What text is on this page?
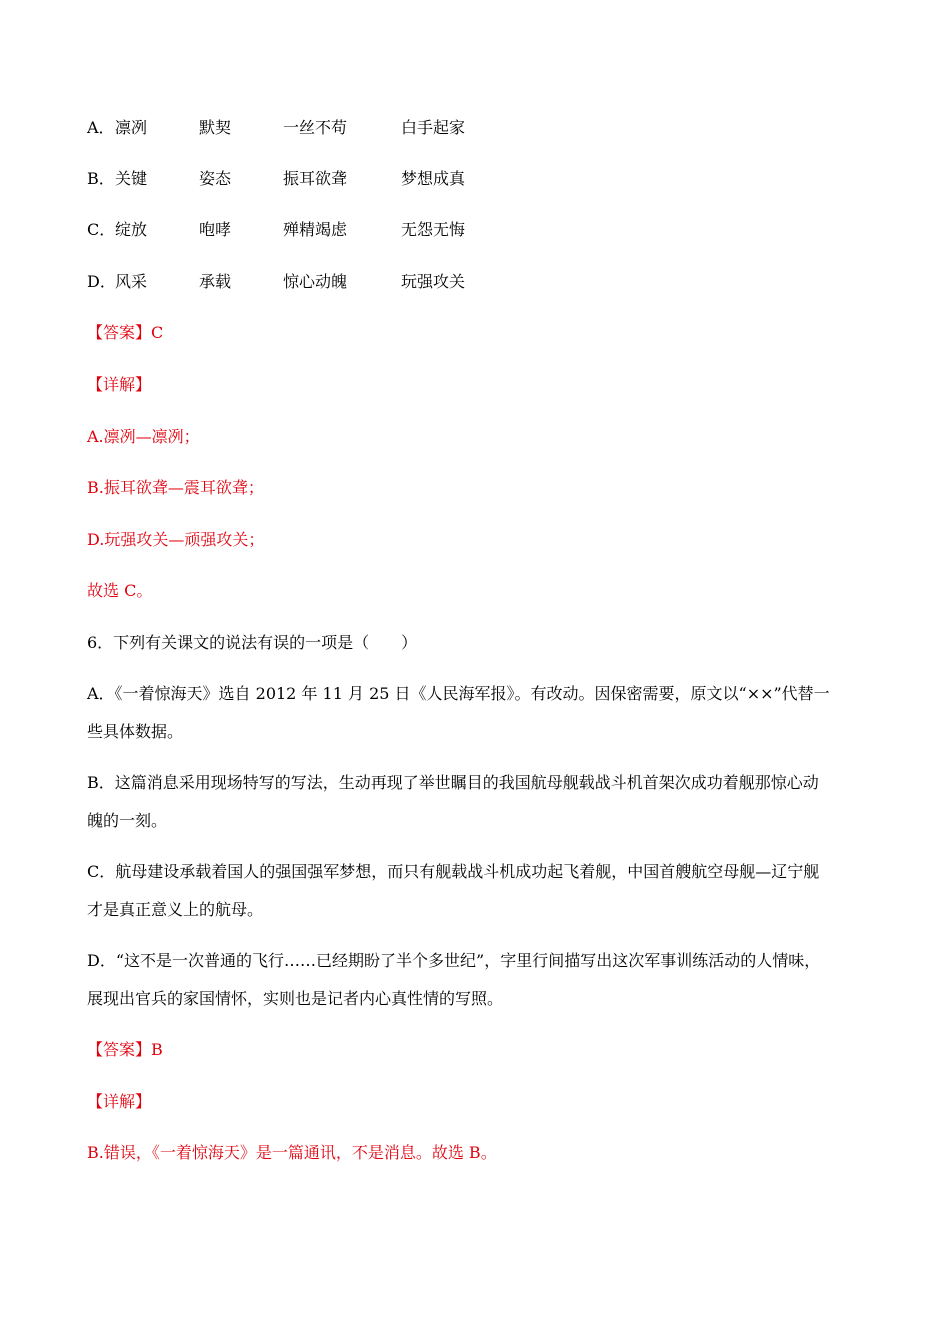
A． 凛冽	默契	一丝不苟	白手起家
B． 关键	姿态	振耳欲聋	梦想成真
C． 绽放	咆哮	殚精竭虑	无怨无悔
D． 风采	承载	惊心动魄	玩强攻关

【答案】C

【详解】

A.凛冽—凛冽；

B.振耳欲聋—震耳欲聋；

D.玩强攻关—顽强攻关；

故选 C。

6．下列有关课文的说法有误的一项是（　　）

A．《一着惊海天》选自 2012 年 11 月 25 日《人民海军报》。有改动。因保密需要，原文以“××”代替一

些具体数据。

B．这篇消息采用现场特写的写法，生动再现了举世瞩目的我国航母舰载战斗机首架次成功着舰那惊心动

魄的一刻。

C．航母建设承载着国人的强国强军梦想，而只有舰载战斗机成功起飞着舰，中国首艘航空母舰—辽宁舰

才是真正意义上的航母。

D．“这不是一次普通的飞行……已经期盼了半个多世纪”，字里行间描写出这次军事训练活动的人情味，

展现出官兵的家国情怀，实则也是记者内心真性情的写照。

【答案】B

【详解】

B.错误，《一着惊海天》是一篇通讯，不是消息。故选 B。
